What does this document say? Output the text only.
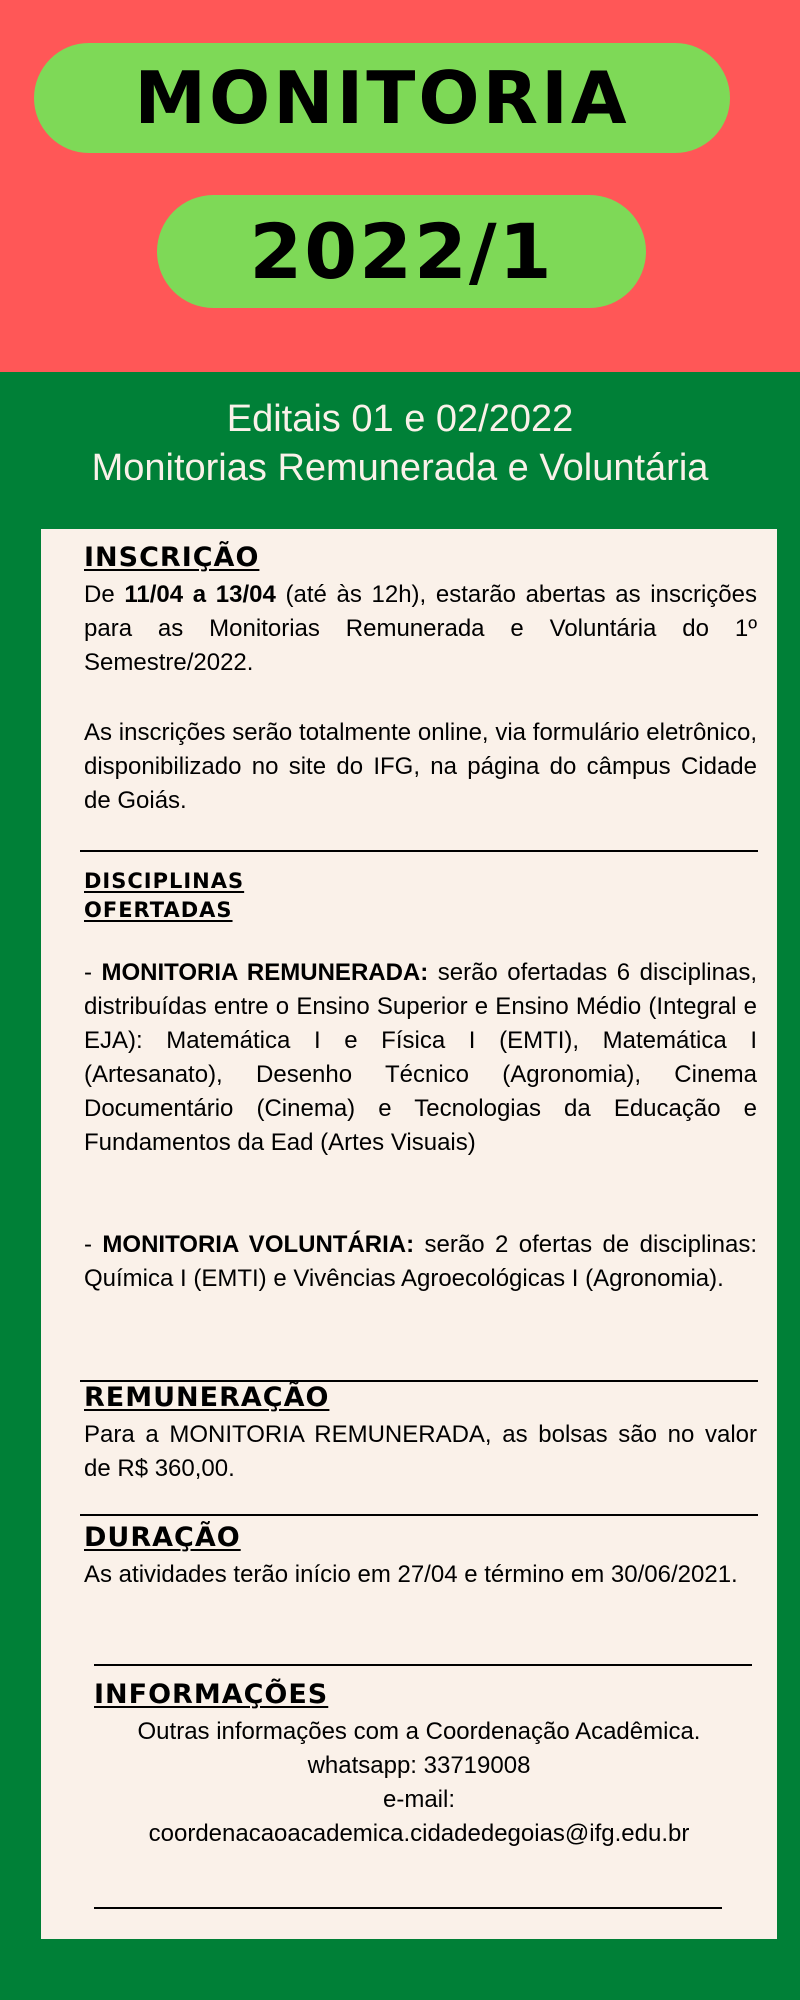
MONITORIA
2022/1
Editais 01 e 02/2022
Monitorias Remunerada e Voluntária
INSCRIÇÃO
De 11/04 a 13/04 (até às 12h), estarão abertas as inscrições para as Monitorias Remunerada e Voluntária do 1º Semestre/2022.
As inscrições serão totalmente online, via formulário eletrônico, disponibilizado no site do IFG, na página do câmpus Cidade de Goiás.
DISCIPLINAS
OFERTADAS
- MONITORIA REMUNERADA: serão ofertadas 6 disciplinas, distribuídas entre o Ensino Superior e Ensino Médio (Integral e EJA): Matemática I e Física I (EMTI), Matemática I (Artesanato), Desenho Técnico (Agronomia), Cinema Documentário (Cinema) e Tecnologias da Educação e Fundamentos da Ead (Artes Visuais)
- MONITORIA VOLUNTÁRIA: serão 2 ofertas de disciplinas: Química I (EMTI) e Vivências Agroecológicas I (Agronomia).
REMUNERAÇÃO
Para a MONITORIA REMUNERADA, as bolsas são no valor de R$ 360,00.
DURAÇÃO
As atividades terão início em 27/04 e término em 30/06/2021.
INFORMAÇÕES
Outras informações com a Coordenação Acadêmica.
whatsapp: 33719008
e-mail:
coordenacaoacademica.cidadedegoias@ifg.edu.br
